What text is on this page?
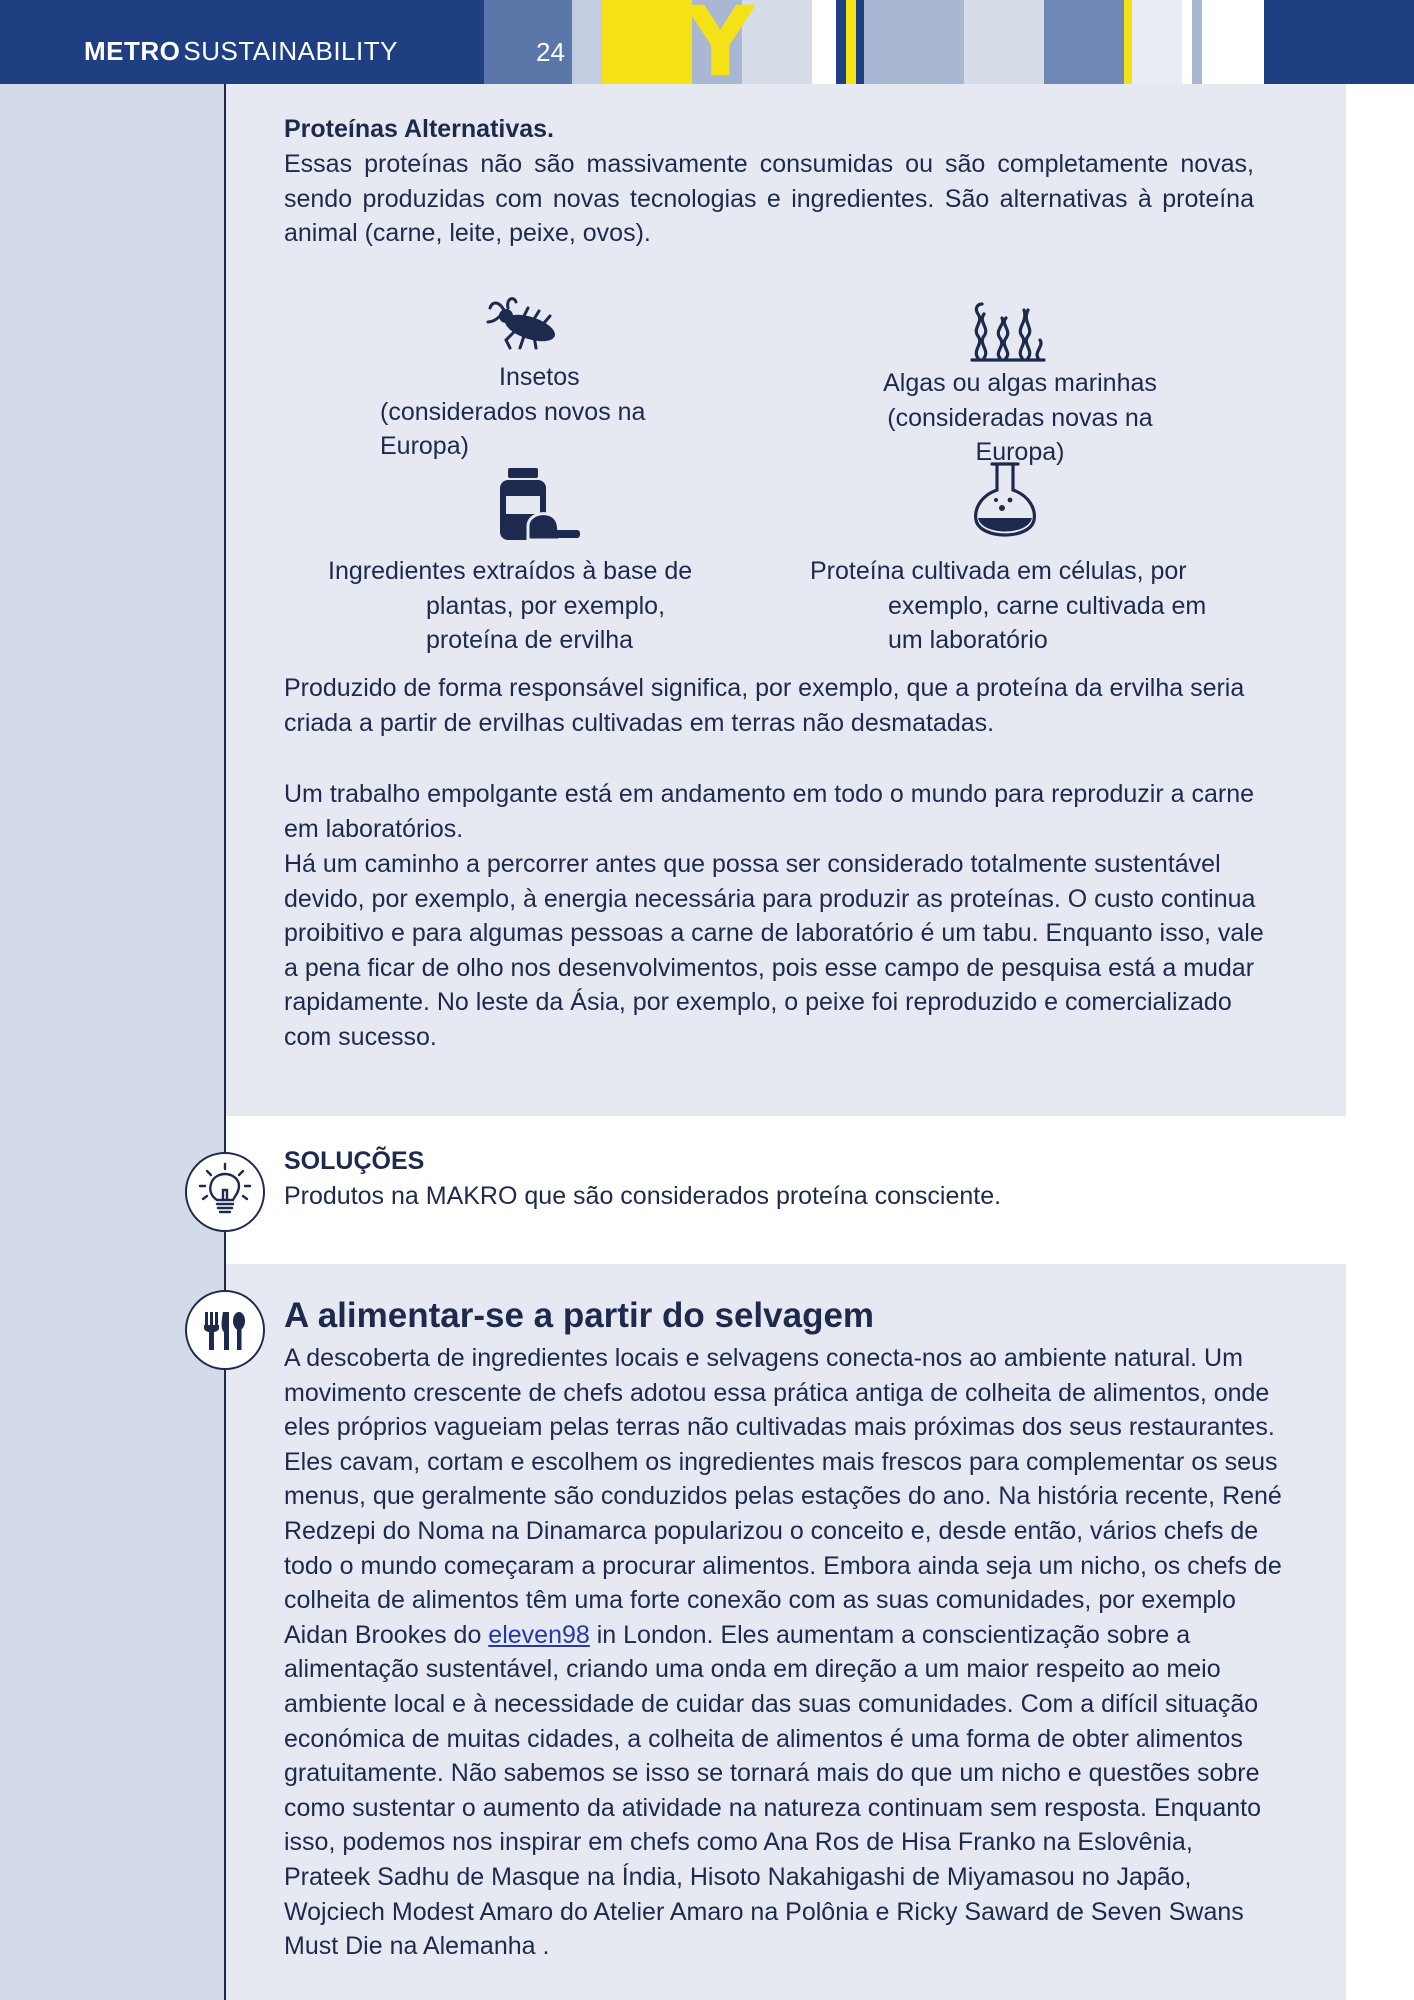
METRO SUSTAINABILITY MY
24

Proteínas Alternativas.

Essas proteínas não são massivamente consumidas ou são completamente novas, sendo produzidas com novas tecnologias e ingredientes. São alternativas à proteína animal (carne, leite, peixe, ovos).

Insetos
(considerados novos na
Europa)

Algas ou algas marinhas
(consideradas novas na Europa)

Ingredientes extraídos à base de
plantas, por exemplo,
proteína de ervilha

Proteína cultivada em células, por
exemplo, carne cultivada em
um laboratório

Produzido de forma responsável significa, por exemplo, que a proteína da ervilha seria criada a partir de ervilhas cultivadas em terras não desmatadas.

Um trabalho empolgante está em andamento em todo o mundo para reproduzir a carne em laboratórios.

Há um caminho a percorrer antes que possa ser considerado totalmente sustentável devido, por exemplo, à energia necessária para produzir as proteínas. O custo continua proibitivo e para algumas pessoas a carne de laboratório é um tabu. Enquanto isso, vale a pena ficar de olho nos desenvolvimentos, pois esse campo de pesquisa está a mudar rapidamente. No leste da Ásia, por exemplo, o peixe foi reproduzido e comercializado com sucesso.

SOLUÇÕES

Produtos na MAKRO que são considerados proteína consciente.

A alimentar-se a partir do selvagem

A descoberta de ingredientes locais e selvagens conecta-nos ao ambiente natural. Um movimento crescente de chefs adotou essa prática antiga de colheita de alimentos, onde eles próprios vagueiam pelas terras não cultivadas mais próximas dos seus restaurantes. Eles cavam, cortam e escolhem os ingredientes mais frescos para complementar os seus menus, que geralmente são conduzidos pelas estações do ano. Na história recente, René Redzepi do Noma na Dinamarca popularizou o conceito e, desde então, vários chefs de todo o mundo começaram a procurar alimentos. Embora ainda seja um nicho, os chefs de colheita de alimentos têm uma forte conexão com as suas comunidades, por exemplo Aidan Brookes do eleven98 in London. Eles aumentam a conscientização sobre a alimentação sustentável, criando uma onda em direção a um maior respeito ao meio ambiente local e à necessidade de cuidar das suas comunidades. Com a difícil situação económica de muitas cidades, a colheita de alimentos é uma forma de obter alimentos gratuitamente. Não sabemos se isso se tornará mais do que um nicho e questões sobre como sustentar o aumento da atividade na natureza continuam sem resposta. Enquanto isso, podemos nos inspirar em chefs como Ana Ros de Hisa Franko na Eslovênia, Prateek Sadhu de Masque na Índia, Hisoto Nakahigashi de Miyamasou no Japão, Wojciech Modest Amaro do Atelier Amaro na Polônia e Ricky Saward de Seven Swans Must Die na Alemanha .
